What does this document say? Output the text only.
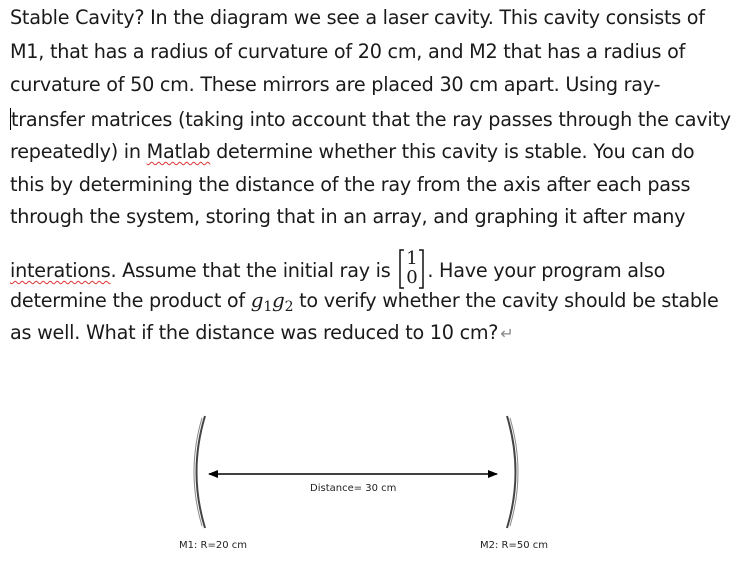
Stable Cavity? In the diagram we see a laser cavity. This cavity consists of
M1, that has a radius of curvature of 20 cm, and M2 that has a radius of
curvature of 50 cm. These mirrors are placed 30 cm apart. Using ray-
transfer matrices (taking into account that the ray passes through the cavity
repeatedly) in Matlab determine whether this cavity is stable. You can do
this by determining the distance of the ray from the axis after each pass
through the system, storing that in an array, and graphing it after many
interations. Assume that the initial ray is
1
0 . Have your program also
determine the product of $g_1g_2$ to verify whether the cavity should be stable
as well. What if the distance was reduced to 10 cm? ↵
Distance= 30 cm
M1: R=20 cm	M2: R=50 cm
